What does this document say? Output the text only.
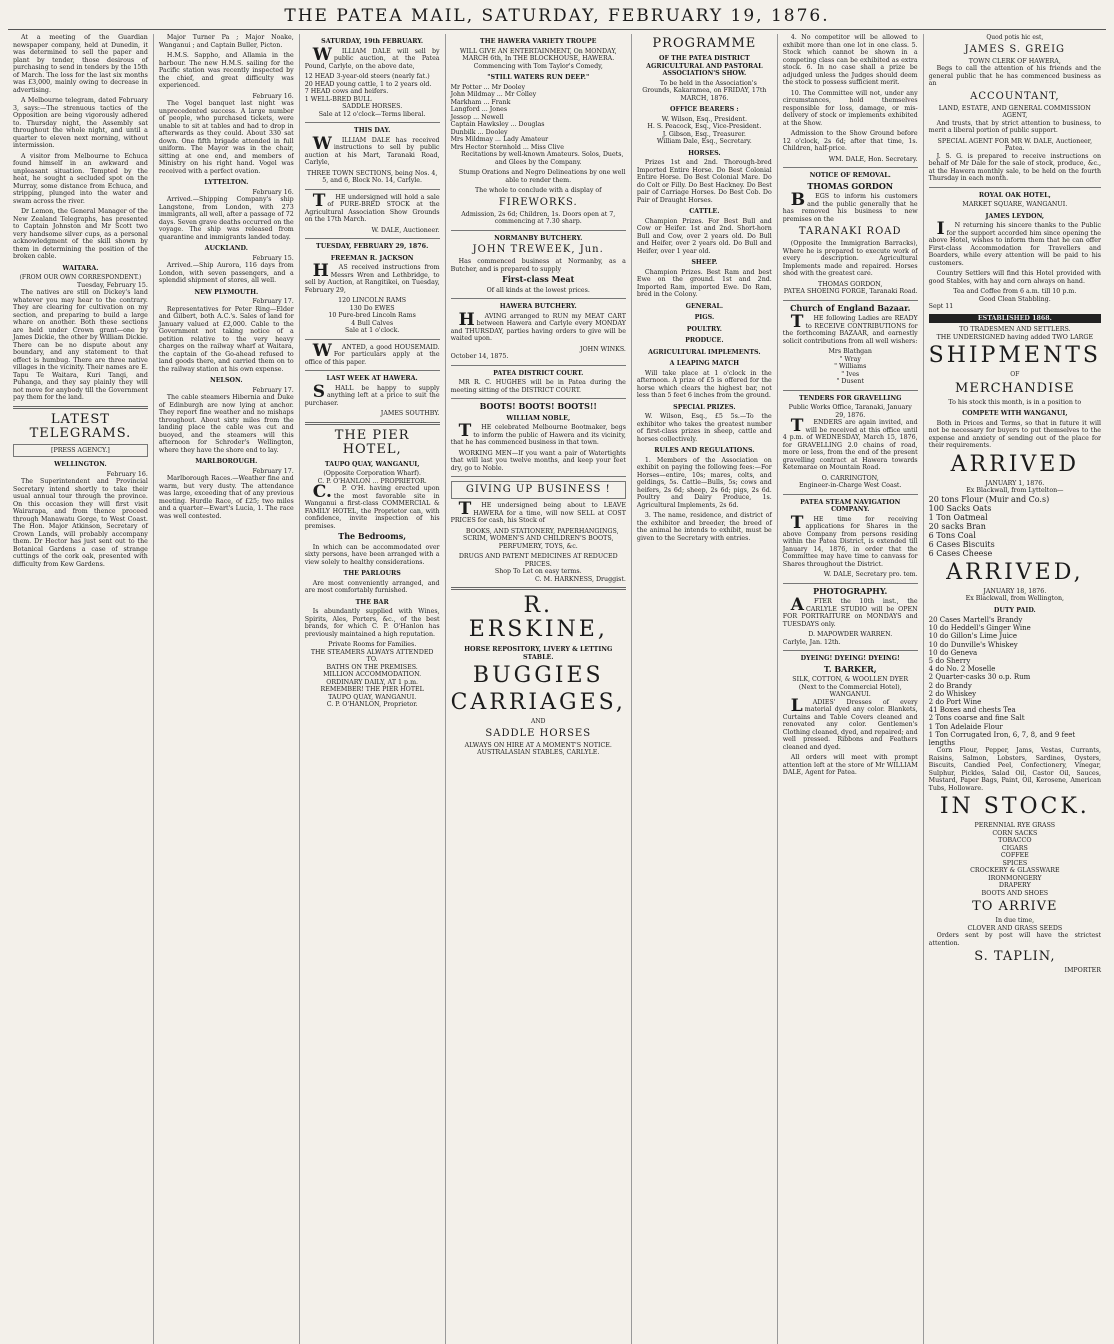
THE PATEA MAIL, SATURDAY, FEBRUARY 19, 1876.

At a meeting of the Guardian newspaper company, held at Dunedin, it was determined to sell the paper and plant by tender, those desirous of purchasing to send in tenders by the 15th of March. The loss for the last six months was £3,000, mainly owing to decrease in advertising.

A Melbourne telegram, dated February 3, says:—The strenuous tactics of the Opposition are being vigorously adhered to. Thursday night, the Assembly sat throughout the whole night, and until a quarter to eleven next morning, without intermission.

A visitor from Melbourne to Echuca found himself in an awkward and unpleasant situation. Tempted by the heat, he sought a secluded spot on the Murray, some distance from Echuca, and stripping, plunged into the water and swam across the river.

Dr Lemon, the General Manager of the New Zealand Telegraphs, has presented to Captain Johnston and Mr Scott two very handsome silver cups, as a personal acknowledgment of the skill shown by them in determining the position of the broken cable.

WAITARA.
(FROM OUR OWN CORRESPONDENT.)
Tuesday, February 15.

The natives are still on Dickey's land whatever you may hear to the contrary. They are clearing for cultivation on my section, and preparing to build a large whare on another. Both these sections are held under Crown grant—one by James Dickie, the other by William Dickie. There can be no dispute about any boundary, and any statement to that effect is humbug. There are three native villages in the vicinity. Their names are E. Tapu Te Waitara, Kuri Tangi, and Puhanga, and they say plainly they will not move for anybody till the Government pay them for the land.

LATEST TELEGRAMS.
[PRESS AGENCY.]
WELLINGTON.
February 16.

The Superintendent and Provincial Secretary intend shortly to take their usual annual tour through the province. On this occasion they will first visit Wairarapa, and from thence proceed through Manawatu Gorge, to West Coast. The Hon. Major Atkinson, Secretary of Crown Lands, will probably accompany them. Dr Hector has just sent out to the Botanical Gardens a case of strange cuttings of the cork oak, presented with difficulty from Kew Gardens.

Major Turner Pa ; Major Noake, Wanganui ; and Captain Buller, Picton.

H.M.S. Sappho, and Allamia in the harbour. The new H.M.S. sailing for the Pacific station was recently inspected by the chief, and great difficulty was experienced.

February 16.

The Vogel banquet last night was unprecedented success. A large number of people, who purchased tickets, were unable to sit at tables and had to drop in afterwards as they could. About 330 sat down. One fifth brigade attended in full uniform. The Mayor was in the chair, sitting at one end, and members of Ministry on his right hand. Vogel was received with a perfect ovation.

LYTTELTON.
February 16.

Arrived.—Shipping Company's ship Langstone, from London, with 273 immigrants, all well, after a passage of 72 days. Seven grave deaths occurred on the voyage. The ship was released from quarantine and immigrants landed today.

AUCKLAND.
February 15.

Arrived.—Ship Aurora, 116 days from London, with seven passengers, and a splendid shipment of stores, all well.

NEW PLYMOUTH.
February 17.

Representatives for Peter Ring—Elder and Gilbert, both A.C.'s. Sales of land for January valued at £2,000. Cable to the Government not taking notice of a petition relative to the very heavy charges on the railway wharf at Waitara, the captain of the Go-ahead refused to land goods there, and carried them on to the railway station at his own expense.

NELSON.
February 17.

The cable steamers Hibernia and Duke of Edinburgh are now lying at anchor. They report fine weather and no mishaps throughout. About sixty miles from the landing place the cable was cut and buoyed, and the steamers will this afternoon for Schroder's Wellington, where they have the shore end to lay.

MARLBOROUGH.
February 17.

Marlborough Races.—Weather fine and warm, but very dusty. The attendance was large, exceeding that of any previous meeting. Hurdle Race, of £25; two miles and a quarter—Ewart's Lucia, 1. The race was well contested.

SATURDAY, 19th FEBRUARY.

WILLIAM DALE will sell by public auction, at the Patea Pound, Carlyle, on the above date,

12 HEAD 3-year-old steers (nearly fat.)
20 HEAD young cattle, 1 to 2 years old.
7 HEAD cows and heifers.
1 WELL-BRED BULL
SADDLE HORSES.
Sale at 12 o'clock—Terms liberal.
THIS DAY.

WILLIAM DALE has received instructions to sell by public auction at his Mart, Taranaki Road, Carlyle,

THREE TOWN SECTIONS, being Nos. 4, 5, and 6, Block No. 14, Carlyle.

THE undersigned will hold a sale of PURE-BRED STOCK at the Agricultural Association Show Grounds on the 17th March.

W. DALE, Auctioneer.
TUESDAY, FEBRUARY 29, 1876.
FREEMAN R. JACKSON

HAS received instructions from Messrs Wren and Lethbridge, to sell by Auction, at Rangitikei, on Tuesday, February 29,

120 LINCOLN RAMS
130 Do EWES
10 Pure-bred Lincoln Rams
4 Bull Calves
Sale at 1 o'clock.

WANTED, a good HOUSEMAID. For particulars apply at the office of this paper.

LAST WEEK AT HAWERA.

SHALL be happy to supply anything left at a price to suit the purchaser.

JAMES SOUTHBY.
THE PIER HOTEL,
TAUPO QUAY, WANGANUI,
(Opposite Corporation Wharf).
C. P. O'HANLON ... PROPRIETOR.

C.P. O'H. having erected upon the most favorable site in Wanganui a first-class COMMERCIAL & FAMILY HOTEL, the Proprietor can, with confidence, invite inspection of his premises.

The Bedrooms,

In which can be accommodated over sixty persons, have been arranged with a view solely to healthy considerations.

THE PARLOURS

Are most conveniently arranged, and are most comfortably furnished.

THE BAR

Is abundantly supplied with Wines, Spirits, Ales, Porters, &c., of the best brands, for which C. P. O'Hanlon has previously maintained a high reputation.

Private Rooms for Families.
THE STEAMERS ALWAYS ATTENDED TO.
BATHS ON THE PREMISES.
MILLION ACCOMMODATION.
ORDINARY DAILY, AT 1 p.m.
REMEMBER! THE PIER HOTEL
TAUPO QUAY, WANGANUI.
C. P. O'HANLON, Proprietor.
THE HAWERA VARIETY TROUPE
WILL GIVE AN ENTERTAINMENT, On MONDAY, MARCH 6th, In THE BLOCKHOUSE, HAWERA.
Commencing with Tom Taylor's Comedy,
"STILL WATERS RUN DEEP."
Mr Potter ... Mr Dooley
John Mildmay ... Mr Colley
Markham ... Frank
Langford ... Jones
Jessop ... Newell
Captain Hawksley ... Douglas
Dunbilk ... Dooley
Mrs Mildmay ... Lady Amateur
Mrs Hector Sternhold ... Miss Clive

Recitations by well-known Amateurs. Solos, Duets, and Glees by the Company.

Stump Orations and Negro Delineations by one well able to render them.

The whole to conclude with a display of
FIREWORKS.
Admission, 2s 6d; Children, 1s. Doors open at 7, commencing at 7.30 sharp.
NORMANBY BUTCHERY.
JOHN TREWEEK, Jun.

Has commenced business at Normanby, as a Butcher, and is prepared to supply

First-class Meat
Of all kinds at the lowest prices.
HAWERA BUTCHERY.

HAVING arranged to RUN my MEAT CART between Hawera and Carlyle every MONDAY and THURSDAY, parties having orders to give will be waited upon.

JOHN WINKS.
October 14, 1875.
PATEA DISTRICT COURT.

MR R. C. HUGHES will be in Patea during the meeting sitting of the DISTRICT COURT.

BOOTS! BOOTS! BOOTS!!
WILLIAM NOBLE,

THE celebrated Melbourne Bootmaker, begs to inform the public of Hawera and its vicinity, that he has commenced business in that town.

WORKING MEN—If you want a pair of Watertights that will last you twelve months, and keep your feet dry, go to Noble.

GIVING UP BUSINESS !

THE undersigned being about to LEAVE HAWERA for a time, will now SELL at COST PRICES for cash, his Stock of

BOOKS, AND STATIONERY, PAPERHANGINGS, SCRIM, WOMEN'S AND CHILDREN'S BOOTS, PERFUMERY, TOYS, &c.

DRUGS AND PATENT MEDICINES AT REDUCED PRICES.
Shop To Let on easy terms.
C. M. HARKNESS, Druggist.
R. ERSKINE,
HORSE REPOSITORY, LIVERY & LETTING STABLE.
BUGGIES
CARRIAGES,
AND
SADDLE HORSES
ALWAYS ON HIRE AT A MOMENT'S NOTICE.
AUSTRALASIAN STABLES, CARLYLE.
PROGRAMME
OF THE PATEA DISTRICT AGRICULTURAL AND PASTORAL ASSOCIATION'S SHOW.

To be held in the Association's Grounds, Kakaramea, on FRIDAY, 17th MARCH, 1876.

OFFICE BEARERS :
W. Wilson, Esq., President.
H. S. Peacock, Esq., Vice-President.
J. Gibson, Esq., Treasurer.
William Dale, Esq., Secretary.
HORSES.

Prizes 1st and 2nd. Thorough-bred Imported Entire Horse. Do Best Colonial Entire Horse. Do Best Colonial Mare. Do do Colt or Filly. Do Best Hackney. Do Best pair of Carriage Horses. Do Best Cob. Do Pair of Draught Horses.

CATTLE.

Champion Prizes. For Best Bull and Cow or Heifer. 1st and 2nd. Short-horn Bull and Cow, over 2 years old. Do Bull and Heifer, over 2 years old. Do Bull and Heifer, over 1 year old.

SHEEP.

Champion Prizes. Best Ram and best Ewe on the ground. 1st and 2nd. Imported Ram, imported Ewe. Do Ram, bred in the Colony.

GENERAL.
PIGS.
POULTRY.
PRODUCE.
AGRICULTURAL IMPLEMENTS.
A LEAPING MATCH

Will take place at 1 o'clock in the afternoon. A prize of £5 is offered for the horse which clears the highest bar, not less than 5 feet 6 inches from the ground.

SPECIAL PRIZES.

W. Wilson, Esq., £5 5s.—To the exhibitor who takes the greatest number of first-class prizes in sheep, cattle and horses collectively.

RULES AND REGULATIONS.

1. Members of the Association on exhibit on paying the following fees:—For Horses—entire, 10s; mares, colts, and geldings, 5s. Cattle—Bulls, 5s; cows and heifers, 2s 6d; sheep, 2s 6d; pigs, 2s 6d. Poultry and Dairy Produce, 1s. Agricultural Implements, 2s 6d.

3. The name, residence, and district of the exhibitor and breeder, the breed of the animal he intends to exhibit, must be given to the Secretary with entries.

4. No competitor will be allowed to exhibit more than one lot in one class. 5. Stock which cannot be shown in a competing class can be exhibited as extra stock. 6. In no case shall a prize be adjudged unless the Judges should deem the stock to possess sufficient merit.

10. The Committee will not, under any circumstances, hold themselves responsible for loss, damage, or mis-delivery of stock or implements exhibited at the Show.

Admission to the Show Ground before 12 o'clock, 2s 6d; after that time, 1s. Children, half-price.

WM. DALE, Hon. Secretary.
NOTICE OF REMOVAL.
THOMAS GORDON

BEGS to inform his customers and the public generally that he has removed his business to new premises on the

TARANAKI ROAD

(Opposite the Immigration Barracks), Where he is prepared to execute work of every description. Agricultural Implements made and repaired. Horses shod with the greatest care.

THOMAS GORDON,
PATEA SHOEING FORGE, Taranaki Road.
Church of England Bazaar.

THE following Ladies are READY to RECEIVE CONTRIBUTIONS for the forthcoming BAZAAR, and earnestly solicit contributions from all well wishers:

Mrs Blathgan
" Wray
" Williams
" Ives
" Dusent
TENDERS FOR GRAVELLING
Public Works Office, Taranaki, January 29, 1876.

TENDERS are again invited, and will be received at this office until 4 p.m. of WEDNESDAY, March 15, 1876, for GRAVELLING 2.0 chains of road, more or less, from the end of the present gravelling contract at Hawera towards Ketemarae on Mountain Road.

O. CARRINGTON,
Engineer-in-Charge West Coast.
PATEA STEAM NAVIGATION COMPANY.

THE time for receiving applications for Shares in the above Company from persons residing within the Patea District, is extended till January 14, 1876, in order that the Committee may have time to canvass for Shares throughout the District.

W. DALE, Secretary pro. tem.
PHOTOGRAPHY.

AFTER the 10th inst., the CARLYLE STUDIO will be OPEN FOR PORTRAITURE on MONDAYS and TUESDAYS only.

D. MAPOWDER WARREN.
Carlyle, Jan. 12th.
DYEING! DYEING! DYEING!
T. BARKER,
SILK, COTTON, & WOOLLEN DYER (Next to the Commercial Hotel), WANGANUI.

LADIES' Dresses of every material dyed any color. Blankets, Curtains and Table Covers cleaned and renovated any color. Gentlemen's Clothing cleaned, dyed, and repaired; and well pressed. Ribbons and Feathers cleaned and dyed.

All orders will meet with prompt attention left at the store of Mr WILLIAM DALE, Agent for Patea.

Quod potis hic est,
JAMES S. GREIG
TOWN CLERK OF HAWERA,

Begs to call the attention of his friends and the general public that he has commenced business as an

ACCOUNTANT,
LAND, ESTATE, AND GENERAL COMMISSION AGENT,

And trusts, that by strict attention to business, to merit a liberal portion of public support.

SPECIAL AGENT FOR MR W. DALE, Auctioneer, Patea.

J. S. G. is prepared to receive instructions on behalf of Mr Dale for the sale of stock, produce, &c., at the Hawera monthly sale, to be held on the fourth Thursday in each month.

ROYAL OAK HOTEL,
MARKET SQUARE, WANGANUI.
JAMES LEYDON,

IN returning his sincere thanks to the Public for the support accorded him since opening the above Hotel, wishes to inform them that he can offer First-class Accommodation for Travellers and Boarders, while every attention will be paid to his customers.

Country Settlers will find this Hotel provided with good Stables, with hay and corn always on hand.

Tea and Coffee from 6 a.m. till 10 p.m.
Good Clean Stabbling.
Sept 11
ESTABLISHED 1868.
TO TRADESMEN AND SETTLERS.
THE UNDERSIGNED having added TWO LARGE
SHIPMENTS
OF
MERCHANDISE
To his stock this month, is in a position to
COMPETE WITH WANGANUI,

Both in Prices and Terms, so that in future it will not be necessary for buyers to put themselves to the expense and anxiety of sending out of the place for their requirements.

ARRIVED
JANUARY 1, 1876.
Ex Blackwall, from Lyttelton—
20 tons Flour (Muir and Co.s)
100 Sacks Oats
1 Ton Oatmeal
20 sacks Bran
6 Tons Coal
6 Cases Biscuits
6 Cases Cheese
ARRIVED,
JANUARY 18, 1876.
Ex Blackwall, from Wellington,
DUTY PAID.
20 Cases Martell's Brandy
10 do Heddell's Ginger Wine
10 do Gillon's Lime Juice
10 do Dunville's Whiskey
10 do Geneva
5 do Sherry
4 do No. 2 Moselle
2 Quarter-casks 30 o.p. Rum
2 do Brandy
2 do Whiskey
2 do Port Wine
41 Boxes and chests Tea
2 Tons coarse and fine Salt
1 Ton Adelaide Flour
1 Ton Corrugated Iron, 6, 7, 8, and 9 feet lengths

Corn Flour, Pepper, Jams, Vestas, Currants, Raisins, Salmon, Lobsters, Sardines, Oysters, Biscuits, Candied Peel, Confectionery, Vinegar, Sulphur, Pickles, Salad Oil, Castor Oil, Sauces, Mustard, Paper Bags, Paint, Oil, Kerosene, American Tubs, Holloware.

IN STOCK.
PERENNIAL RYE GRASS
CORN SACKS
TOBACCO
CIGARS
COFFEE
SPICES
CROCKERY & GLASSWARE
IRONMONGERY
DRAPERY
BOOTS AND SHOES
TO ARRIVE
In due time,
CLOVER AND GRASS SEEDS

Orders sent by post will have the strictest attention.

S. TAPLIN,
IMPORTER
